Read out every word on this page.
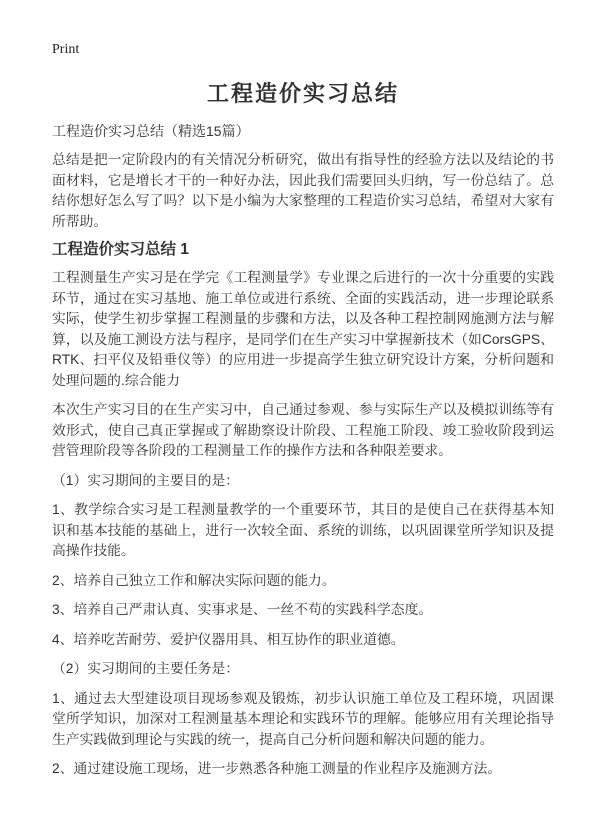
Print
工程造价实习总结
工程造价实习总结（精选15篇）

总结是把一定阶段内的有关情况分析研究，做出有指导性的经验方法以及结论的书面材料，它是增长才干的一种好办法，因此我们需要回头归纳，写一份总结了。总结你想好怎么写了吗？以下是小编为大家整理的工程造价实习总结，希望对大家有所帮助。

工程造价实习总结 1

工程测量生产实习是在学完《工程测量学》专业课之后进行的一次十分重要的实践环节，通过在实习基地、施工单位或进行系统、全面的实践活动，进一步理论联系实际，使学生初步掌握工程测量的步骤和方法，以及各种工程控制网施测方法与解算，以及施工测设方法与程序，是同学们在生产实习中掌握新技术（如CorsGPS、RTK、扫平仪及铅垂仪等）的应用进一步提高学生独立研究设计方案，分析问题和处理问题的.综合能力

本次生产实习目的在生产实习中，自己通过参观、参与实际生产以及模拟训练等有效形式，使自己真正掌握或了解勘察设计阶段、工程施工阶段、竣工验收阶段到运营管理阶段等各阶段的工程测量工作的操作方法和各种限差要求。

（1）实习期间的主要目的是：

1、教学综合实习是工程测量教学的一个重要环节，其目的是使自己在获得基本知识和基本技能的基础上，进行一次较全面、系统的训练，以巩固课堂所学知识及提高操作技能。

2、培养自己独立工作和解决实际问题的能力。

3、培养自己严肃认真、实事求是、一丝不苟的实践科学态度。

4、培养吃苦耐劳、爱护仪器用具、相互协作的职业道德。

（2）实习期间的主要任务是：

1、通过去大型建设项目现场参观及锻炼，初步认识施工单位及工程环境，巩固课堂所学知识，加深对工程测量基本理论和实践环节的理解。能够应用有关理论指导生产实践做到理论与实践的统一，提高自己分析问题和解决问题的能力。

2、通过建设施工现场，进一步熟悉各种施工测量的作业程序及施测方法。
